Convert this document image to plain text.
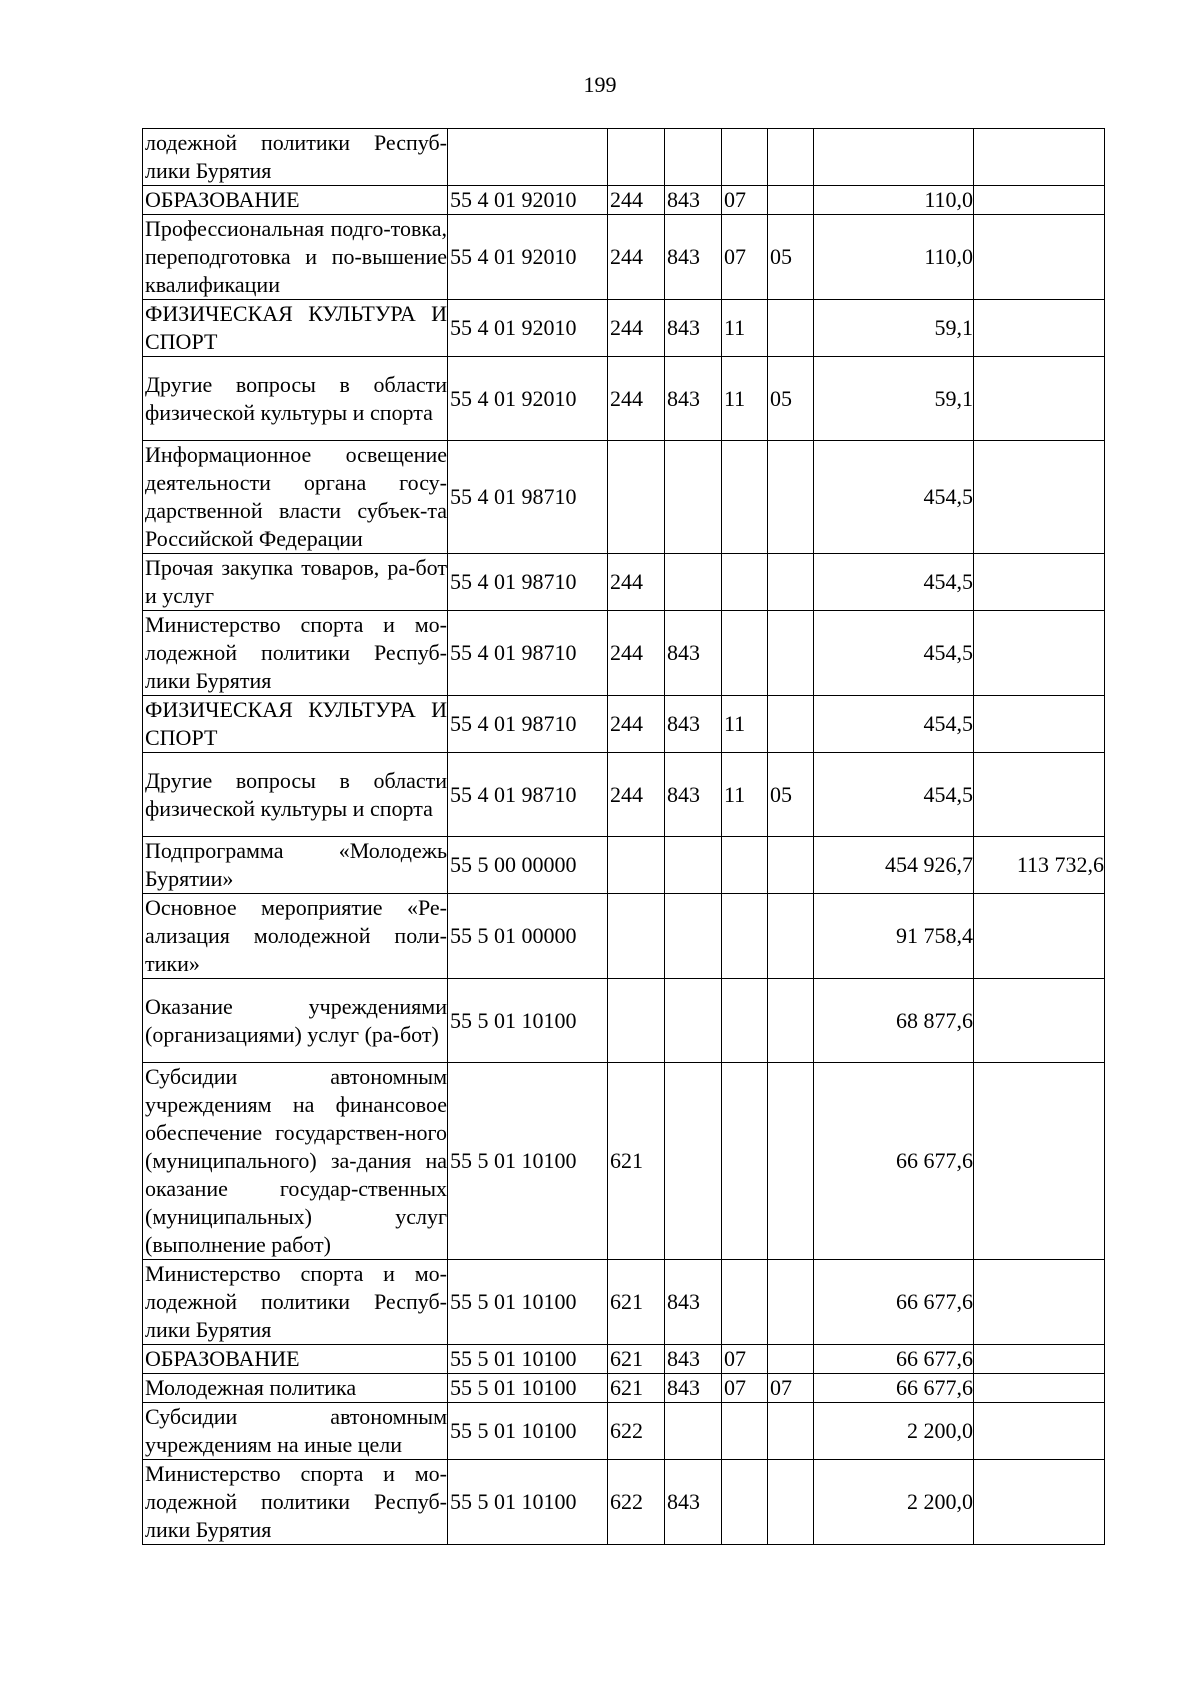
199
лодежной политики Респуб-лики Бурятия							
ОБРАЗОВАНИЕ	55 4 01 92010	244	843	07		110,0	
Профессиональная подго-товка, переподготовка и по-вышение квалификации	55 4 01 92010	244	843	07	05	110,0	
ФИЗИЧЕСКАЯ КУЛЬТУРА И СПОРТ	55 4 01 92010	244	843	11		59,1	
Другие вопросы в области физической культуры и спорта	55 4 01 92010	244	843	11	05	59,1	
Информационное освещение деятельности органа госу-дарственной власти субъек-та Российской Федерации	55 4 01 98710					454,5	
Прочая закупка товаров, ра-бот и услуг	55 4 01 98710	244				454,5	
Министерство спорта и мо-лодежной политики Респуб-лики Бурятия	55 4 01 98710	244	843			454,5	
ФИЗИЧЕСКАЯ КУЛЬТУРА И СПОРТ	55 4 01 98710	244	843	11		454,5	
Другие вопросы в области физической культуры и спорта	55 4 01 98710	244	843	11	05	454,5	
Подпрограмма «Молодежь Бурятии»	55 5 00 00000					454 926,7	113 732,6
Основное мероприятие «Ре-ализация молодежной поли-тики»	55 5 01 00000					91 758,4	
Оказание учреждениями (организациями) услуг (ра-бот)	55 5 01 10100					68 877,6	
Субсидии автономным учреждениям на финансовое обеспечение государствен-ного (муниципального) за-дания на оказание государ-ственных (муниципальных) услуг (выполнение работ)	55 5 01 10100	621				66 677,6	
Министерство спорта и мо-лодежной политики Респуб-лики Бурятия	55 5 01 10100	621	843			66 677,6	
ОБРАЗОВАНИЕ	55 5 01 10100	621	843	07		66 677,6	
Молодежная политика	55 5 01 10100	621	843	07	07	66 677,6	
Субсидии автономным учреждениям на иные цели	55 5 01 10100	622				2 200,0	
Министерство спорта и мо-лодежной политики Респуб-лики Бурятия	55 5 01 10100	622	843			2 200,0	
